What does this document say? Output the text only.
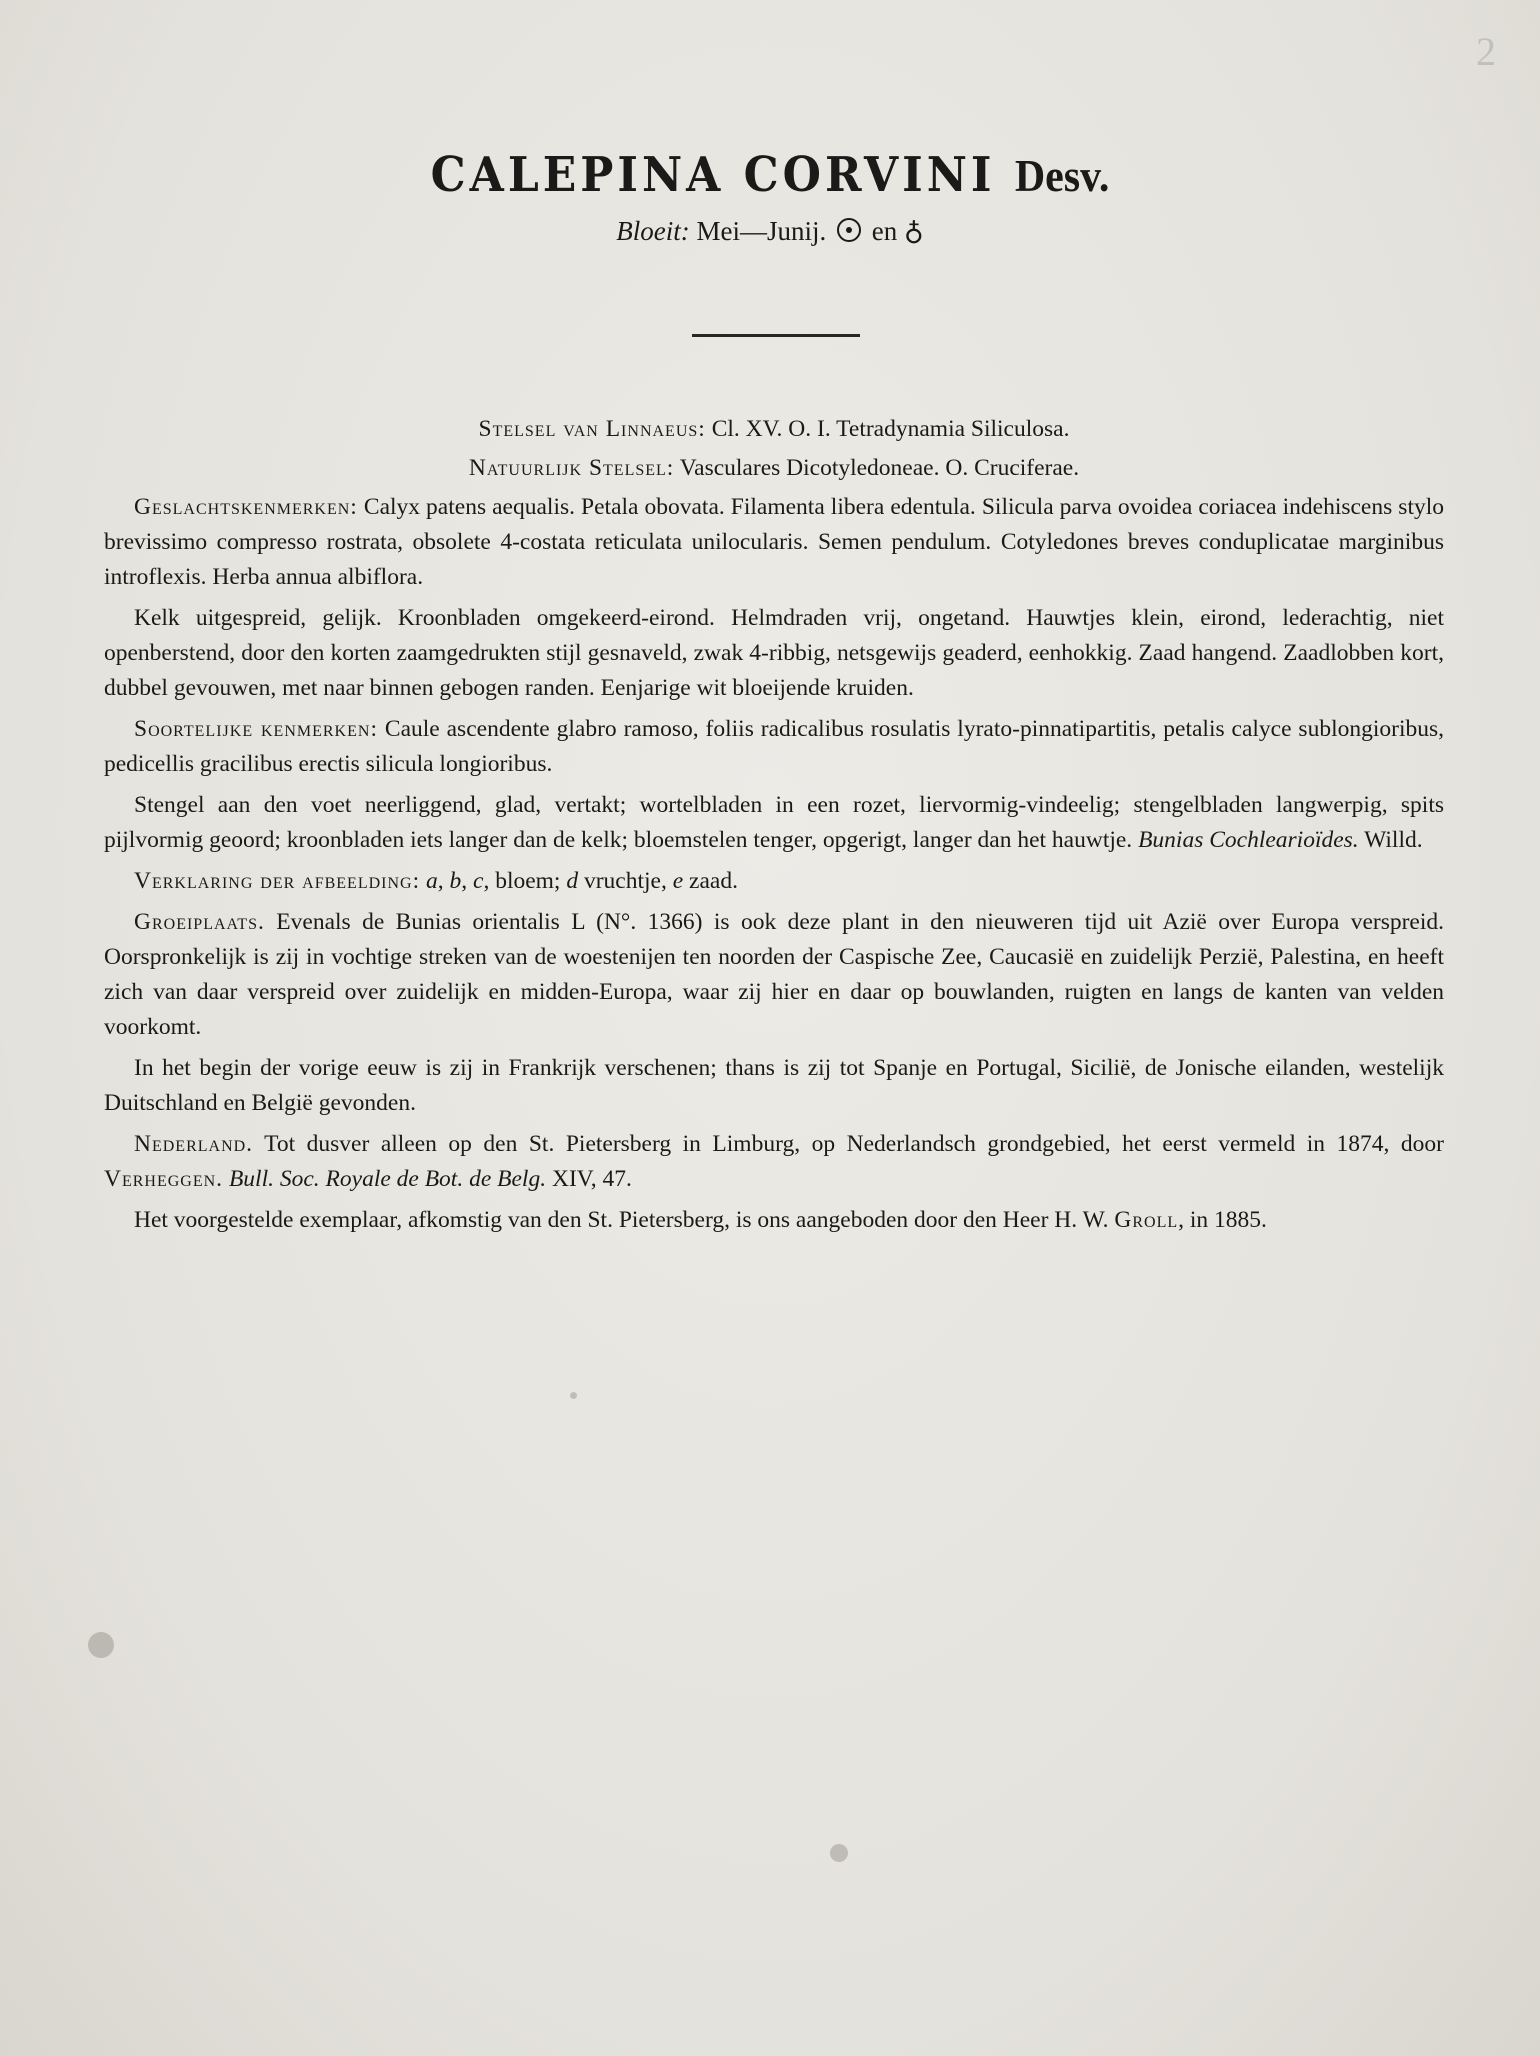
2
CALEPINA CORVINI Desv.
Bloeit: Mei—Junij. en ♁

Stelsel van Linnaeus: Cl. XV. O. I. Tetradynamia Siliculosa.

Natuurlijk Stelsel: Vasculares Dicotyledoneae. O. Cruciferae.

Geslachtskenmerken: Calyx patens aequalis. Petala obovata. Filamenta libera edentula. Silicula parva ovoidea coriacea indehiscens stylo brevissimo compresso rostrata, obsolete 4-costata reticulata unilocularis. Semen pendulum. Cotyledones breves conduplicatae marginibus introflexis. Herba annua albiflora.

Kelk uitgespreid, gelijk. Kroonbladen omgekeerd-eirond. Helmdraden vrij, ongetand. Hauwtjes klein, eirond, lederachtig, niet openberstend, door den korten zaamgedrukten stijl gesnaveld, zwak 4-ribbig, netsgewijs geaderd, eenhokkig. Zaad hangend. Zaadlobben kort, dubbel gevouwen, met naar binnen gebogen randen. Eenjarige wit bloeijende kruiden.

Soortelijke kenmerken: Caule ascendente glabro ramoso, foliis radicalibus rosulatis lyrato-pinnatipartitis, petalis calyce sublongioribus, pedicellis gracilibus erectis silicula longioribus.

Stengel aan den voet neerliggend, glad, vertakt; wortelbladen in een rozet, liervormig-vindeelig; stengelbladen langwerpig, spits pijlvormig geoord; kroonbladen iets langer dan de kelk; bloemstelen tenger, opgerigt, langer dan het hauwtje. Bunias Cochlearioïdes. Willd.

Verklaring der afbeelding: a, b, c, bloem; d vruchtje, e zaad.

Groeiplaats. Evenals de Bunias orientalis L (N°. 1366) is ook deze plant in den nieuweren tijd uit Azië over Europa verspreid. Oorspronkelijk is zij in vochtige streken van de woestenijen ten noorden der Caspische Zee, Caucasië en zuidelijk Perzië, Palestina, en heeft zich van daar verspreid over zuidelijk en midden-Europa, waar zij hier en daar op bouwlanden, ruigten en langs de kanten van velden voorkomt.

In het begin der vorige eeuw is zij in Frankrijk verschenen; thans is zij tot Spanje en Portugal, Sicilië, de Jonische eilanden, westelijk Duitschland en België gevonden.

Nederland. Tot dusver alleen op den St. Pietersberg in Limburg, op Nederlandsch grondgebied, het eerst vermeld in 1874, door Verheggen. Bull. Soc. Royale de Bot. de Belg. XIV, 47.

Het voorgestelde exemplaar, afkomstig van den St. Pietersberg, is ons aangeboden door den Heer H. W. Groll, in 1885.
